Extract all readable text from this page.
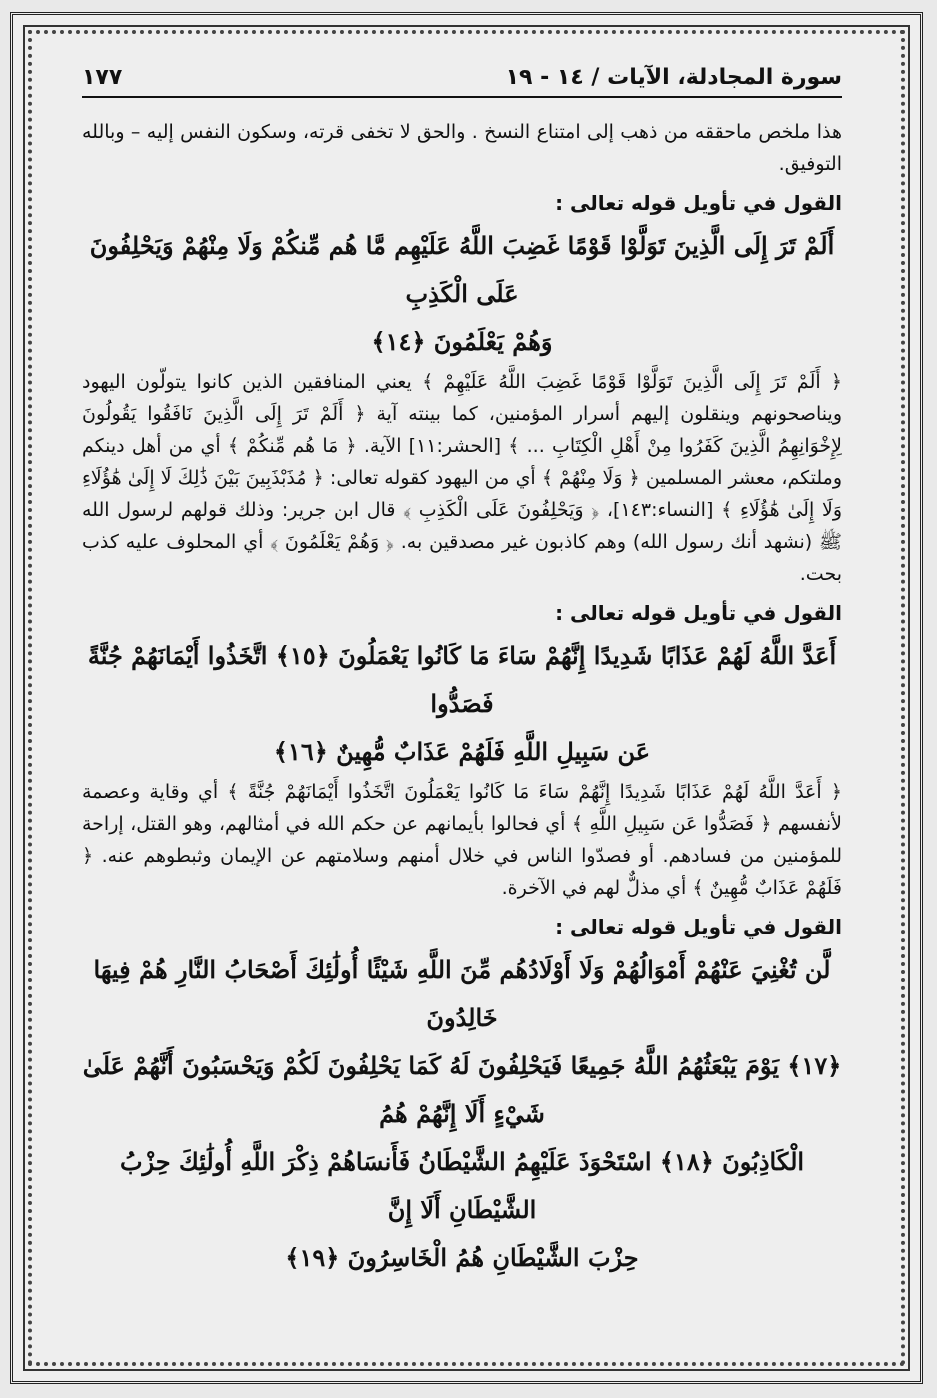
سورة المجادلة، الآيات / ١٤ - ١٩
١٧٧

هذا ملخص ماحققه من ذهب إلى امتناع النسخ . والحق لا تخفى قرته، وسكون النفس إليه – وبالله التوفيق.

القول في تأويل قوله تعالى :

أَلَمْ تَرَ إِلَى الَّذِينَ تَوَلَّوْا قَوْمًا غَضِبَ اللَّهُ عَلَيْهِم مَّا هُم مِّنكُمْ وَلَا مِنْهُمْ وَيَحْلِفُونَ عَلَى الْكَذِبِ

وَهُمْ يَعْلَمُونَ ﴿١٤﴾

﴿ أَلَمْ تَرَ إِلَى الَّذِينَ تَوَلَّوْا قَوْمًا غَضِبَ اللَّهُ عَلَيْهِمْ ﴾ يعني المنافقين الذين كانوا يتولّون اليهود ويناصحونهم وينقلون إليهم أسرار المؤمنين، كما بينته آية ﴿ أَلَمْ تَرَ إِلَى الَّذِينَ نَافَقُوا يَقُولُونَ لِإِخْوَانِهِمُ الَّذِينَ كَفَرُوا مِنْ أَهْلِ الْكِتَابِ ... ﴾ [الحشر:١١] الآية. ﴿ مَا هُم مِّنكُمْ ﴾ أي من أهل دينكم وملتكم، معشر المسلمين ﴿ وَلَا مِنْهُمْ ﴾ أي من اليهود كقوله تعالى: ﴿ مُذَبْذَبِينَ بَيْنَ ذَٰلِكَ لَا إِلَىٰ هَٰؤُلَاءِ وَلَا إِلَىٰ هَٰؤُلَاءِ ﴾ [النساء:١٤٣]، ﴿ وَيَحْلِفُونَ عَلَى الْكَذِبِ ﴾ قال ابن جرير: وذلك قولهم لرسول الله ﷺ (نشهد أنك رسول الله) وهم كاذبون غير مصدقين به. ﴿ وَهُمْ يَعْلَمُونَ ﴾ أي المحلوف عليه كذب بحت.

القول في تأويل قوله تعالى :

أَعَدَّ اللَّهُ لَهُمْ عَذَابًا شَدِيدًا إِنَّهُمْ سَاءَ مَا كَانُوا يَعْمَلُونَ ﴿١٥﴾ اتَّخَذُوا أَيْمَانَهُمْ جُنَّةً فَصَدُّوا

عَن سَبِيلِ اللَّهِ فَلَهُمْ عَذَابٌ مُّهِينٌ ﴿١٦﴾

﴿ أَعَدَّ اللَّهُ لَهُمْ عَذَابًا شَدِيدًا إِنَّهُمْ سَاءَ مَا كَانُوا يَعْمَلُونَ اتَّخَذُوا أَيْمَانَهُمْ جُنَّةً ﴾ أي وقاية وعصمة لأنفسهم ﴿ فَصَدُّوا عَن سَبِيلِ اللَّهِ ﴾ أي فحالوا بأيمانهم عن حكم الله في أمثالهم، وهو القتل، إراحة للمؤمنين من فسادهم. أو فصدّوا الناس في خلال أمنهم وسلامتهم عن الإيمان وثبطوهم عنه. ﴿ فَلَهُمْ عَذَابٌ مُّهِينٌ ﴾ أي مذلٌّ لهم في الآخرة.

القول في تأويل قوله تعالى :

لَّن تُغْنِيَ عَنْهُمْ أَمْوَالُهُمْ وَلَا أَوْلَادُهُم مِّنَ اللَّهِ شَيْئًا أُولَٰئِكَ أَصْحَابُ النَّارِ هُمْ فِيهَا خَالِدُونَ

﴿١٧﴾ يَوْمَ يَبْعَثُهُمُ اللَّهُ جَمِيعًا فَيَحْلِفُونَ لَهُ كَمَا يَحْلِفُونَ لَكُمْ وَيَحْسَبُونَ أَنَّهُمْ عَلَىٰ شَيْءٍ أَلَا إِنَّهُمْ هُمُ

الْكَاذِبُونَ ﴿١٨﴾ اسْتَحْوَذَ عَلَيْهِمُ الشَّيْطَانُ فَأَنسَاهُمْ ذِكْرَ اللَّهِ أُولَٰئِكَ حِزْبُ الشَّيْطَانِ أَلَا إِنَّ

حِزْبَ الشَّيْطَانِ هُمُ الْخَاسِرُونَ ﴿١٩﴾
